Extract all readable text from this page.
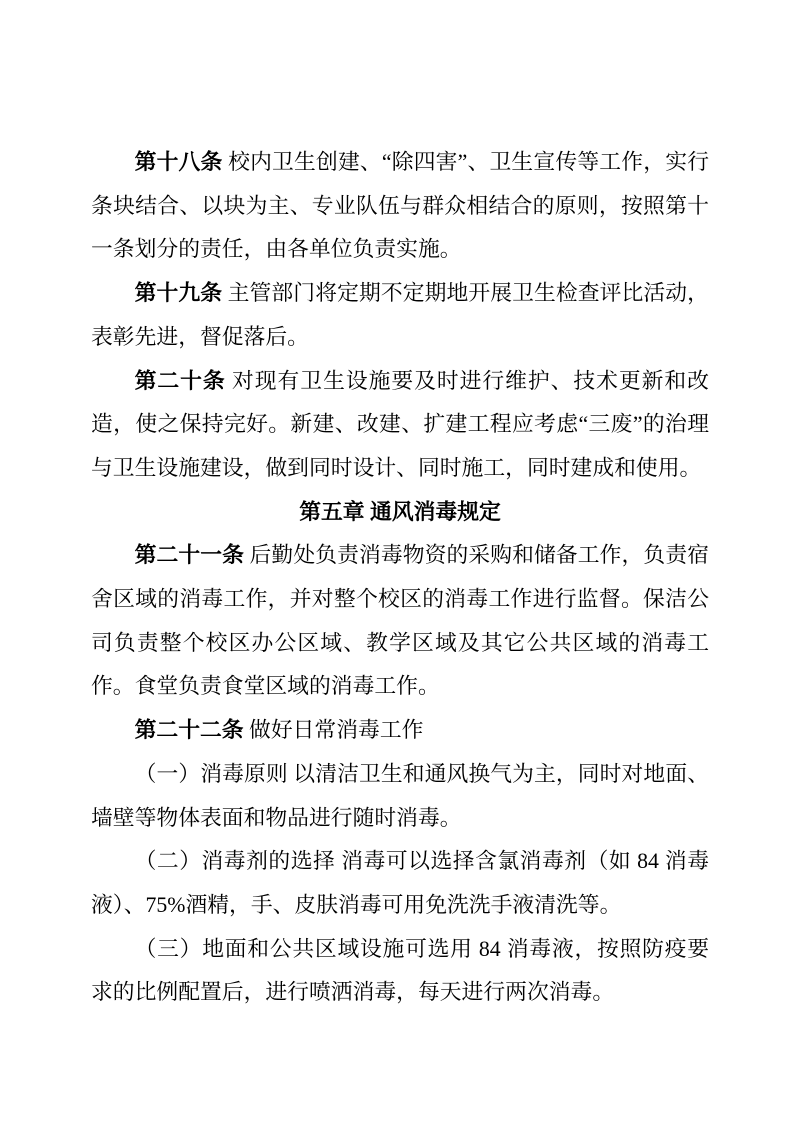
第十八条 校内卫生创建、“除四害”、卫生宣传等工作，实行条块结合、以块为主、专业队伍与群众相结合的原则，按照第十一条划分的责任，由各单位负责实施。

第十九条 主管部门将定期不定期地开展卫生检查评比活动，表彰先进，督促落后。

第二十条 对现有卫生设施要及时进行维护、技术更新和改造，使之保持完好。新建、改建、扩建工程应考虑“三废”的治理与卫生设施建设，做到同时设计、同时施工，同时建成和使用。

第五章 通风消毒规定

第二十一条 后勤处负责消毒物资的采购和储备工作，负责宿舍区域的消毒工作，并对整个校区的消毒工作进行监督。保洁公司负责整个校区办公区域、教学区域及其它公共区域的消毒工作。食堂负责食堂区域的消毒工作。

第二十二条 做好日常消毒工作

（一）消毒原则 以清洁卫生和通风换气为主，同时对地面、墙壁等物体表面和物品进行随时消毒。

（二）消毒剂的选择 消毒可以选择含氯消毒剂（如 84 消毒液）、75%酒精，手、皮肤消毒可用免洗洗手液清洗等。

（三）地面和公共区域设施可选用 84 消毒液，按照防疫要求的比例配置后，进行喷洒消毒，每天进行两次消毒。
